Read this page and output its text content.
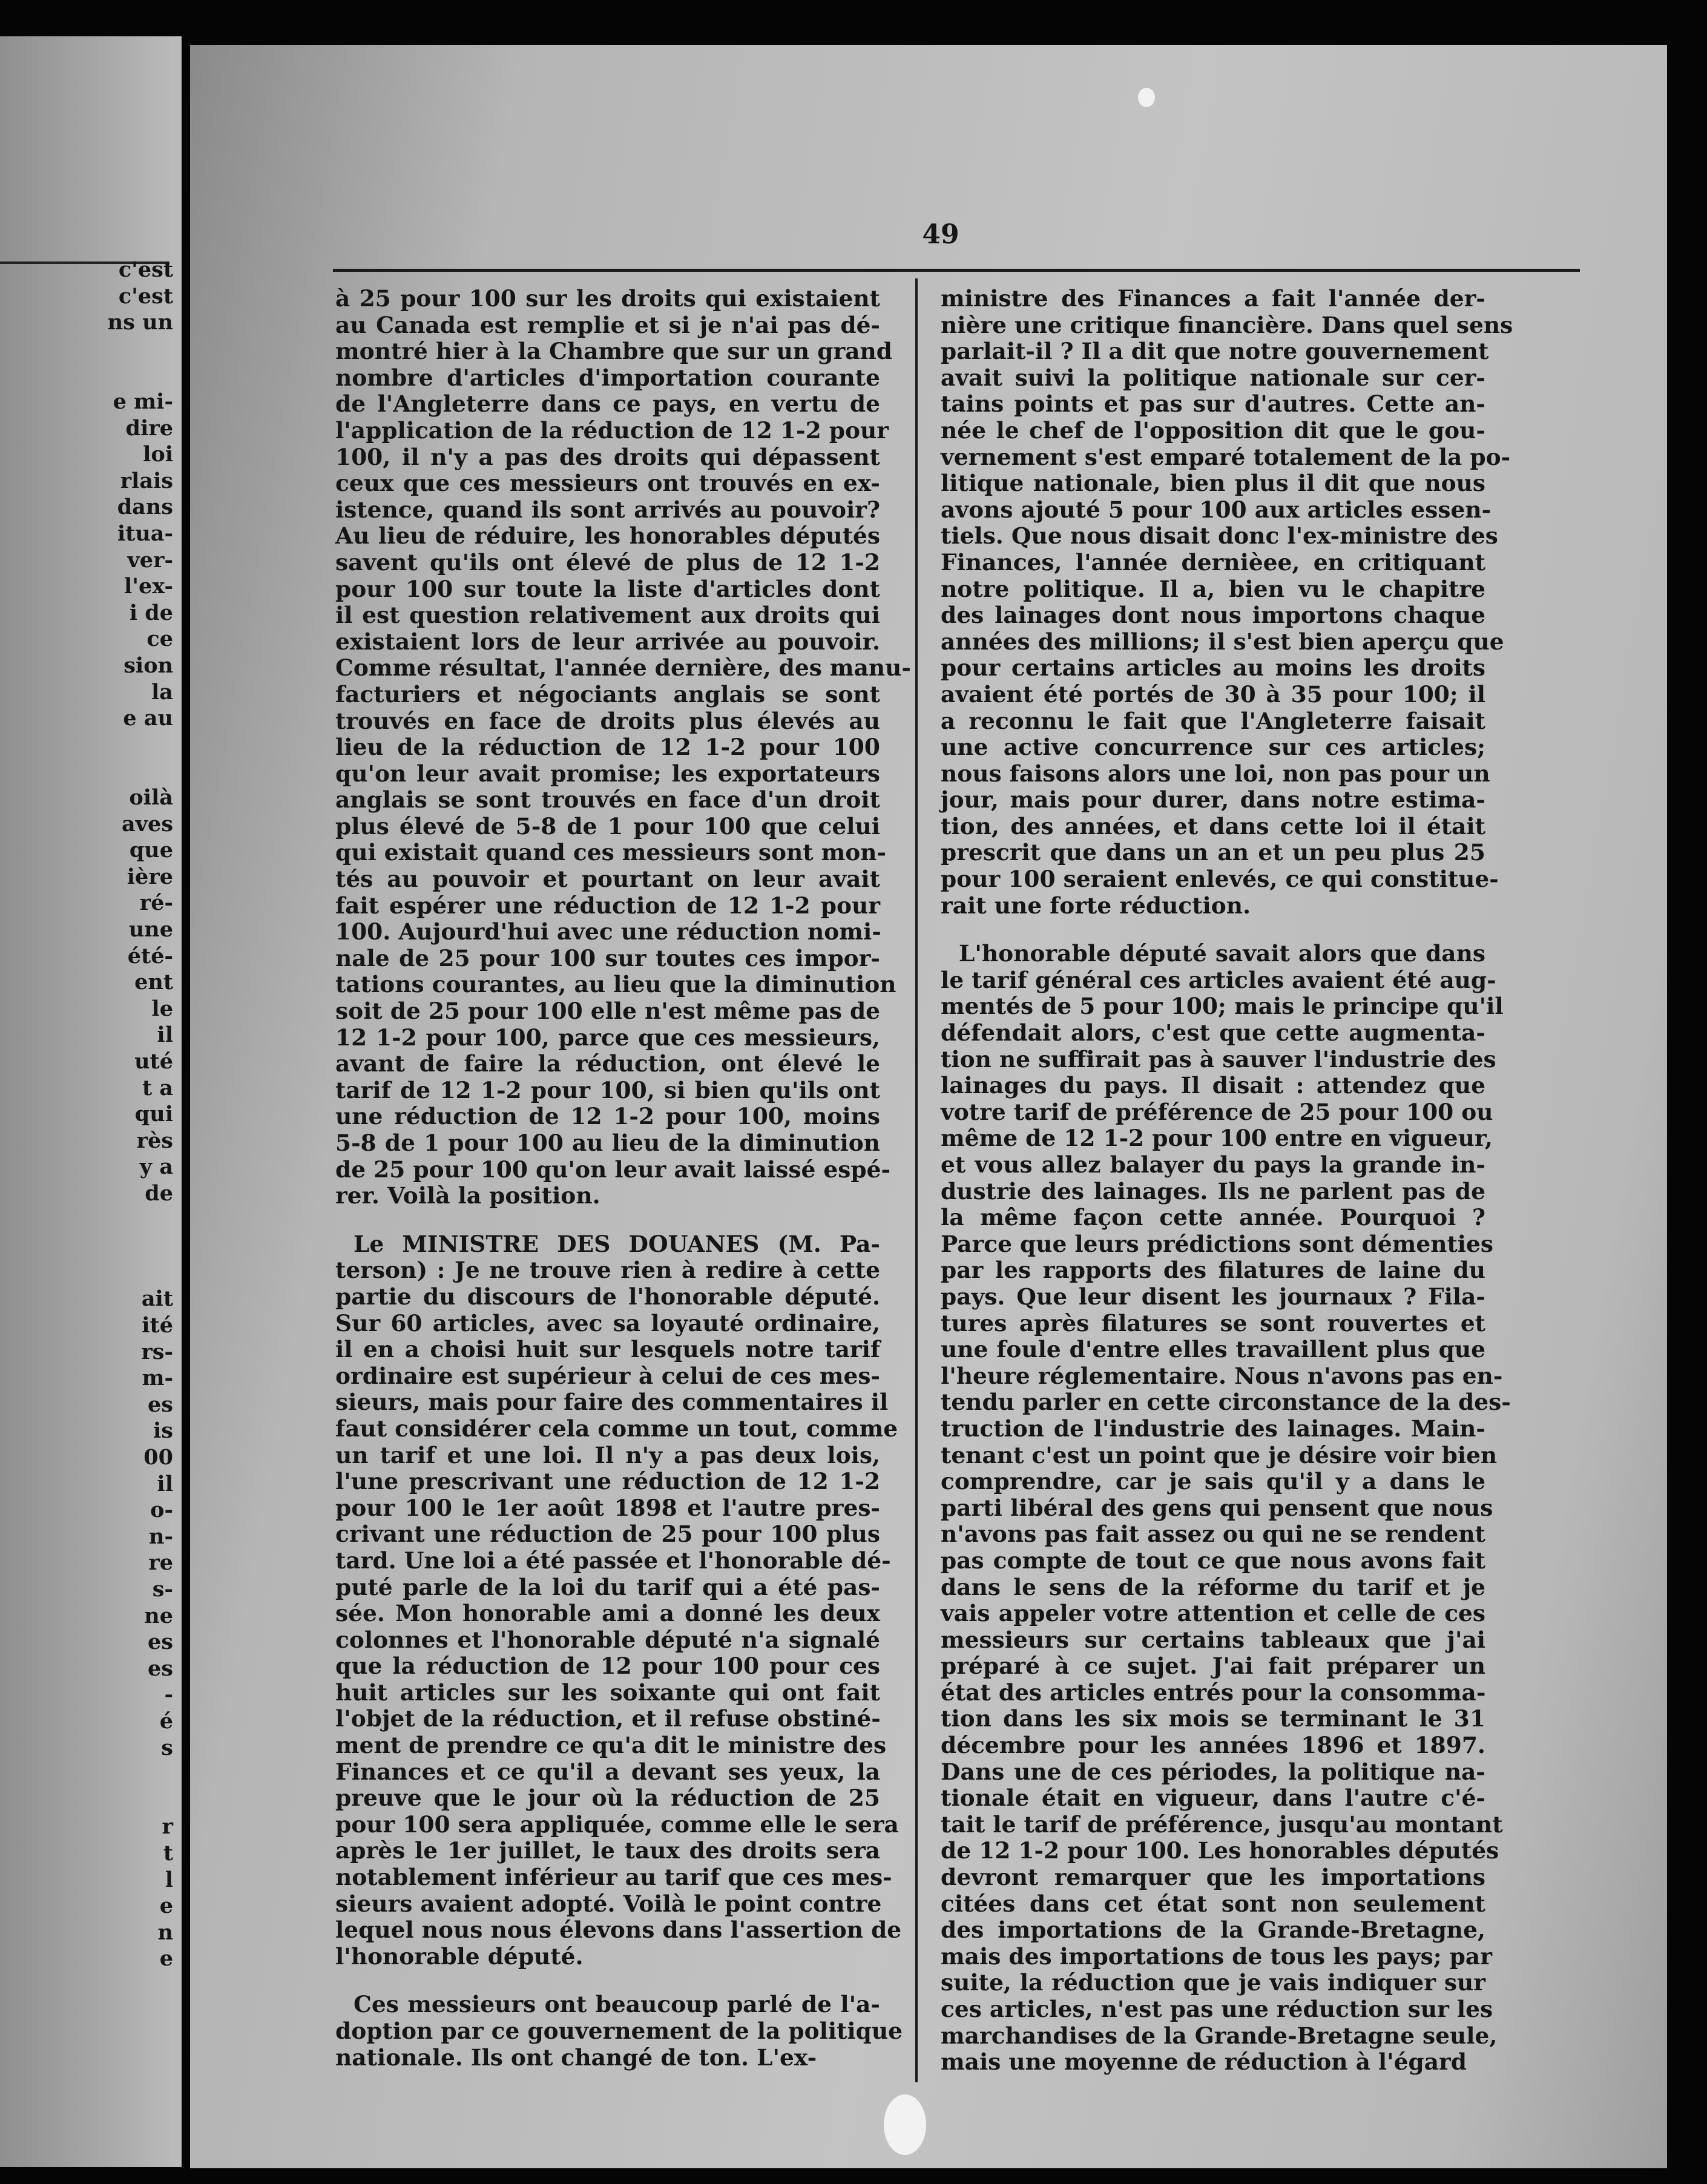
c'est
c'est
ns un
e mi-
dire
loi
rlais
dans
itua-
ver-
l'ex-
i de
ce
sion
la
e au
oilà
aves
que
ière
ré-
une
été-
ent
le
il
uté
t a
qui
rès
y a
de
ait
ité
rs-
m-
es
is
00
il
o-
n-
re
s-
ne
es
es
-
é
s
r
t
l
e
n
e
49
à 25 pour 100 sur les droits qui existaient
au Canada est remplie et si je n'ai pas dé-
montré hier à la Chambre que sur un grand
nombre d'articles d'importation courante
de l'Angleterre dans ce pays, en vertu de
l'application de la réduction de 12 1-2 pour
100, il n'y a pas des droits qui dépassent
ceux que ces messieurs ont trouvés en ex-
istence, quand ils sont arrivés au pouvoir?
Au lieu de réduire, les honorables députés
savent qu'ils ont élevé de plus de 12 1-2
pour 100 sur toute la liste d'articles dont
il est question relativement aux droits qui
existaient lors de leur arrivée au pouvoir.
Comme résultat, l'année dernière, des manu-
facturiers et négociants anglais se sont
trouvés en face de droits plus élevés au
lieu de la réduction de 12 1-2 pour 100
qu'on leur avait promise; les exportateurs
anglais se sont trouvés en face d'un droit
plus élevé de 5-8 de 1 pour 100 que celui
qui existait quand ces messieurs sont mon-
tés au pouvoir et pourtant on leur avait
fait espérer une réduction de 12 1-2 pour
100. Aujourd'hui avec une réduction nomi-
nale de 25 pour 100 sur toutes ces impor-
tations courantes, au lieu que la diminution
soit de 25 pour 100 elle n'est même pas de
12 1-2 pour 100, parce que ces messieurs,
avant de faire la réduction, ont élevé le
tarif de 12 1-2 pour 100, si bien qu'ils ont
une réduction de 12 1-2 pour 100, moins
5-8 de 1 pour 100 au lieu de la diminution
de 25 pour 100 qu'on leur avait laissé espé-
rer. Voilà la position.
Le MINISTRE DES DOUANES (M. Pa-
terson) : Je ne trouve rien à redire à cette
partie du discours de l'honorable député.
Sur 60 articles, avec sa loyauté ordinaire,
il en a choisi huit sur lesquels notre tarif
ordinaire est supérieur à celui de ces mes-
sieurs, mais pour faire des commentaires il
faut considérer cela comme un tout, comme
un tarif et une loi. Il n'y a pas deux lois,
l'une prescrivant une réduction de 12 1-2
pour 100 le 1er août 1898 et l'autre pres-
crivant une réduction de 25 pour 100 plus
tard. Une loi a été passée et l'honorable dé-
puté parle de la loi du tarif qui a été pas-
sée. Mon honorable ami a donné les deux
colonnes et l'honorable député n'a signalé
que la réduction de 12 pour 100 pour ces
huit articles sur les soixante qui ont fait
l'objet de la réduction, et il refuse obstiné-
ment de prendre ce qu'a dit le ministre des
Finances et ce qu'il a devant ses yeux, la
preuve que le jour où la réduction de 25
pour 100 sera appliquée, comme elle le sera
après le 1er juillet, le taux des droits sera
notablement inférieur au tarif que ces mes-
sieurs avaient adopté. Voilà le point contre
lequel nous nous élevons dans l'assertion de
l'honorable député.
Ces messieurs ont beaucoup parlé de l'a-
doption par ce gouvernement de la politique
nationale. Ils ont changé de ton. L'ex-
ministre des Finances a fait l'année der-
nière une critique financière. Dans quel sens
parlait-il ? Il a dit que notre gouvernement
avait suivi la politique nationale sur cer-
tains points et pas sur d'autres. Cette an-
née le chef de l'opposition dit que le gou-
vernement s'est emparé totalement de la po-
litique nationale, bien plus il dit que nous
avons ajouté 5 pour 100 aux articles essen-
tiels. Que nous disait donc l'ex-ministre des
Finances, l'année dernièee, en critiquant
notre politique. Il a, bien vu le chapitre
des lainages dont nous importons chaque
années des millions; il s'est bien aperçu que
pour certains articles au moins les droits
avaient été portés de 30 à 35 pour 100; il
a reconnu le fait que l'Angleterre faisait
une active concurrence sur ces articles;
nous faisons alors une loi, non pas pour un
jour, mais pour durer, dans notre estima-
tion, des années, et dans cette loi il était
prescrit que dans un an et un peu plus 25
pour 100 seraient enlevés, ce qui constitue-
rait une forte réduction.
L'honorable député savait alors que dans
le tarif général ces articles avaient été aug-
mentés de 5 pour 100; mais le principe qu'il
défendait alors, c'est que cette augmenta-
tion ne suffirait pas à sauver l'industrie des
lainages du pays. Il disait : attendez que
votre tarif de préférence de 25 pour 100 ou
même de 12 1-2 pour 100 entre en vigueur,
et vous allez balayer du pays la grande in-
dustrie des lainages. Ils ne parlent pas de
la même façon cette année. Pourquoi ?
Parce que leurs prédictions sont démenties
par les rapports des filatures de laine du
pays. Que leur disent les journaux ? Fila-
tures après filatures se sont rouvertes et
une foule d'entre elles travaillent plus que
l'heure réglementaire. Nous n'avons pas en-
tendu parler en cette circonstance de la des-
truction de l'industrie des lainages. Main-
tenant c'est un point que je désire voir bien
comprendre, car je sais qu'il y a dans le
parti libéral des gens qui pensent que nous
n'avons pas fait assez ou qui ne se rendent
pas compte de tout ce que nous avons fait
dans le sens de la réforme du tarif et je
vais appeler votre attention et celle de ces
messieurs sur certains tableaux que j'ai
préparé à ce sujet. J'ai fait préparer un
état des articles entrés pour la consomma-
tion dans les six mois se terminant le 31
décembre pour les années 1896 et 1897.
Dans une de ces périodes, la politique na-
tionale était en vigueur, dans l'autre c'é-
tait le tarif de préférence, jusqu'au montant
de 12 1-2 pour 100. Les honorables députés
devront remarquer que les importations
citées dans cet état sont non seulement
des importations de la Grande-Bretagne,
mais des importations de tous les pays; par
suite, la réduction que je vais indiquer sur
ces articles, n'est pas une réduction sur les
marchandises de la Grande-Bretagne seule,
mais une moyenne de réduction à l'égard
